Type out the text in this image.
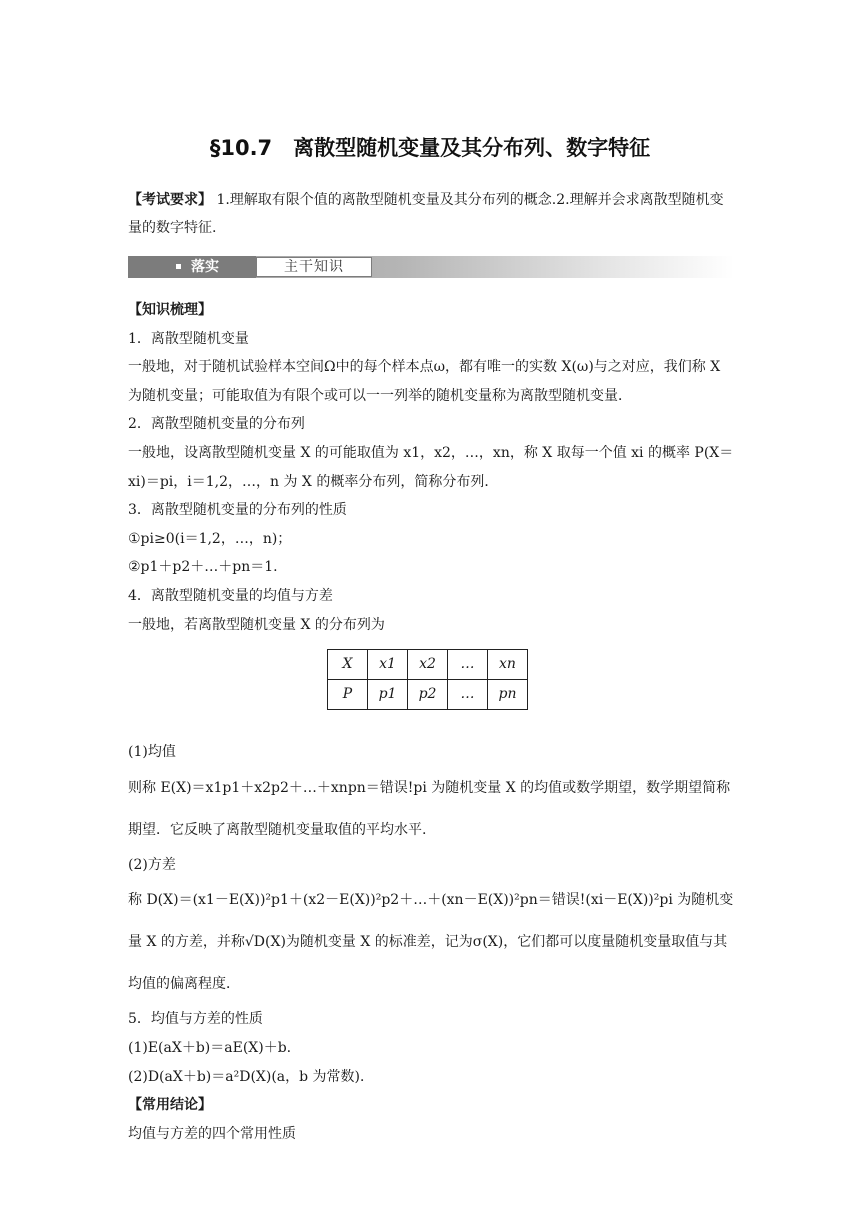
§10.7　离散型随机变量及其分布列、数字特征
【考试要求】 1.理解取有限个值的离散型随机变量及其分布列的概念.2.理解并会求离散型随机变量的数字特征.
落实	主干知识

【知识梳理】

1．离散型随机变量

一般地，对于随机试验样本空间Ω中的每个样本点ω，都有唯一的实数 X(ω)与之对应，我们称 X 为随机变量；可能取值为有限个或可以一一列举的随机变量称为离散型随机变量．

2．离散型随机变量的分布列

一般地，设离散型随机变量 X 的可能取值为 x1，x2，…，xn，称 X 取每一个值 xi 的概率 P(X＝xi)＝pi，i＝1,2，…，n 为 X 的概率分布列，简称分布列．

3．离散型随机变量的分布列的性质

①pi≥0(i＝1,2，…，n)；

②p1＋p2＋…＋pn＝1.

4．离散型随机变量的均值与方差

一般地，若离散型随机变量 X 的分布列为

X	x1	x2	…	xn
P	p1	p2	…	pn

(1)均值

则称 E(X)＝x1p1＋x2p2＋…＋xnpn＝错误!pi 为随机变量 X 的均值或数学期望，数学期望简称期望．它反映了离散型随机变量取值的平均水平.

(2)方差

称 D(X)＝(x1－E(X))²p1＋(x2－E(X))²p2＋…＋(xn－E(X))²pn＝错误!(xi－E(X))²pi 为随机变量 X 的方差，并称√D(X)为随机变量 X 的标准差，记为σ(X)，它们都可以度量随机变量取值与其均值的偏离程度．

5．均值与方差的性质

(1)E(aX＋b)＝aE(X)＋b.

(2)D(aX＋b)＝a²D(X)(a，b 为常数)．

【常用结论】

均值与方差的四个常用性质
